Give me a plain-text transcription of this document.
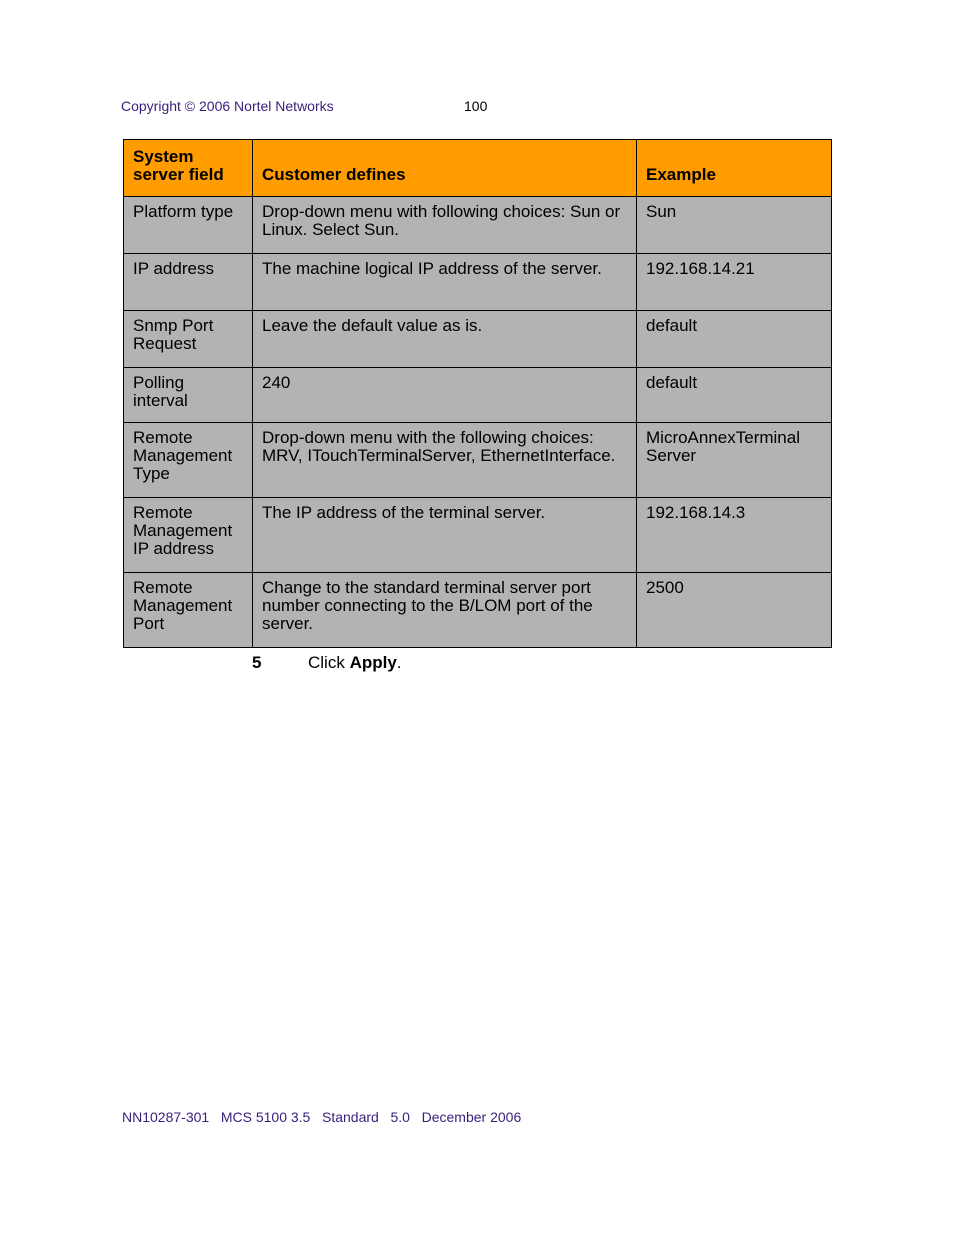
Copyright © 2006 Nortel Networks	100
System server field	Customer defines	Example
Platform type	Drop-down menu with following choices: Sun or Linux. Select Sun.	Sun
IP address	The machine logical IP address of the server.	192.168.14.21
Snmp Port Request	Leave the default value as is.	default
Polling interval	240	default
Remote Management Type	Drop-down menu with the following choices: MRV, ITouchTerminalServer, EthernetInterface.	MicroAnnexTerminal Server
Remote Management IP address	The IP address of the terminal server.	192.168.14.3
Remote Management Port	Change to the standard terminal server port number connecting to the B/LOM port of the server.	2500
5	Click Apply.
NN10287-301   MCS 5100 3.5   Standard   5.0   December 2006
